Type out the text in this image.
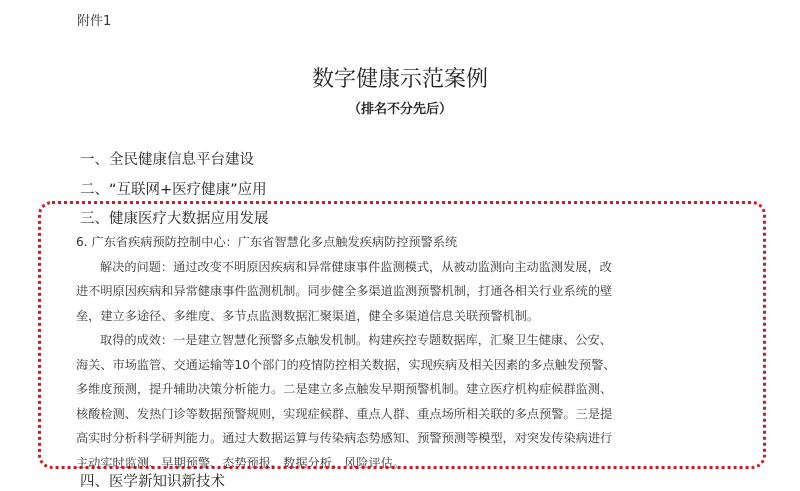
附件1
数字健康示范案例
（排名不分先后）
一、全民健康信息平台建设
二、“互联网+医疗健康”应用
三、健康医疗大数据应用发展
四、医学新知识新技术
6. 广东省疾病预防控制中心：广东省智慧化多点触发疾病防控预警系统
解决的问题：通过改变不明原因疾病和异常健康事件监测模式，从被动监测向主动监测发展，改
进不明原因疾病和异常健康事件监测机制。同步健全多渠道监测预警机制，打通各相关行业系统的壁
垒，建立多途径、多维度、多节点监测数据汇聚渠道，健全多渠道信息关联预警机制。
取得的成效：一是建立智慧化预警多点触发机制。构建疾控专题数据库，汇聚卫生健康、公安、
海关、市场监管、交通运输等10个部门的疫情防控相关数据，实现疾病及相关因素的多点触发预警、
多维度预测，提升辅助决策分析能力。二是建立多点触发早期预警机制。建立医疗机构症候群监测、
核酸检测、发热门诊等数据预警规则，实现症候群、重点人群、重点场所相关联的多点预警。三是提
高实时分析科学研判能力。通过大数据运算与传染病态势感知、预警预测等模型，对突发传染病进行
主动实时监测、早期预警、态势预报、数据分析、风险评估。
